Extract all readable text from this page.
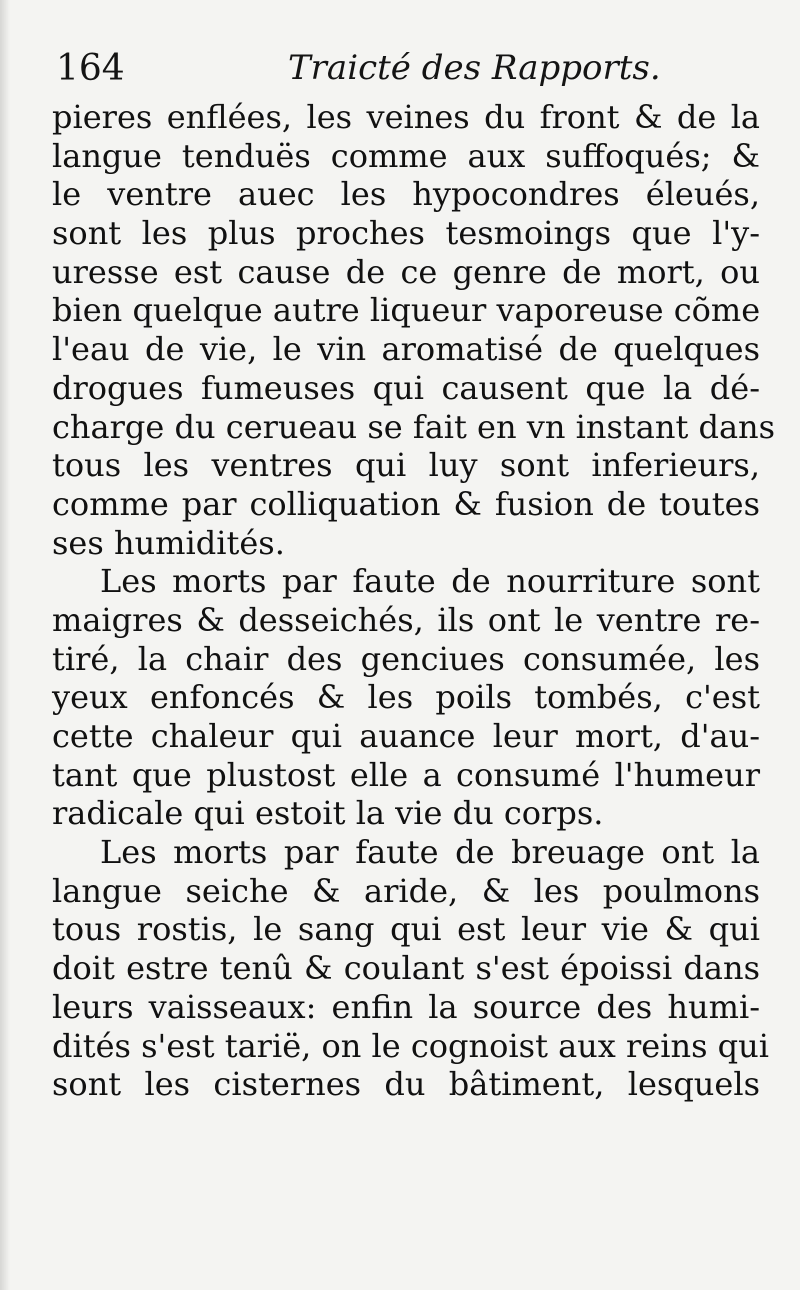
164	Traicté des Rapports.
pieres enflées, les veines du front & de la
langue tenduës comme aux suffoqués; &
le ventre auec les hypocondres éleués,
sont les plus proches tesmoings que l'y-
uresse est cause de ce genre de mort, ou
bien quelque autre liqueur vaporeuse cõme
l'eau de vie, le vin aromatisé de quelques
drogues fumeuses qui causent que la dé-
charge du cerueau se fait en vn instant dans
tous les ventres qui luy sont inferieurs,
comme par colliquation & fusion de toutes
ses humidités.
Les morts par faute de nourriture sont
maigres & desseichés, ils ont le ventre re-
tiré, la chair des genciues consumée, les
yeux enfoncés & les poils tombés, c'est
cette chaleur qui auance leur mort, d'au-
tant que plustost elle a consumé l'humeur
radicale qui estoit la vie du corps.
Les morts par faute de breuage ont la
langue seiche & aride, & les poulmons
tous rostis, le sang qui est leur vie & qui
doit estre tenû & coulant s'est époissi dans
leurs vaisseaux: enfin la source des humi-
dités s'est tarië, on le cognoist aux reins qui
sont les cisternes du bâtiment, lesquels
